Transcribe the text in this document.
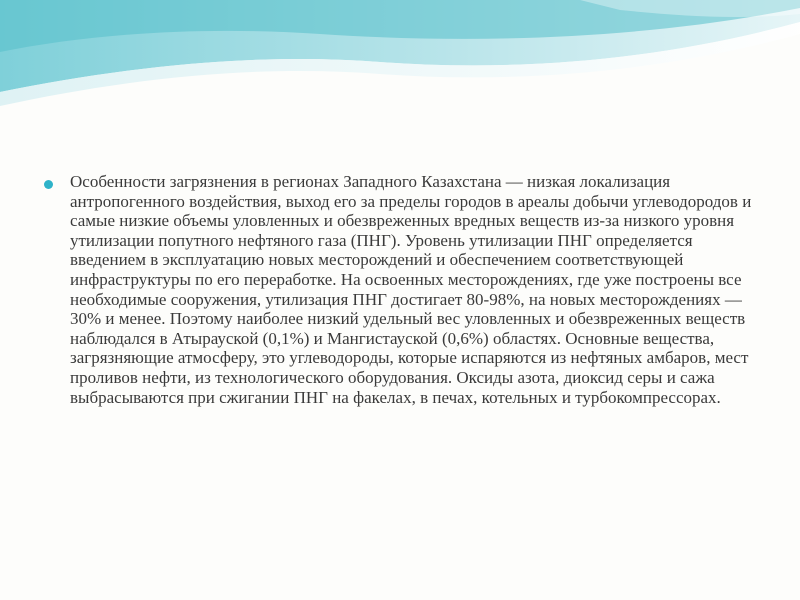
Особенности загрязнения в регионах Западного Казахстана — низкая локализация антропогенного воздействия, выход его за пределы городов в ареалы добычи углеводородов и самые низкие объемы уловленных и обезвреженных вредных веществ из-за низкого уровня утилизации попутного нефтяного газа (ПНГ). Уровень утилизации ПНГ определяется введением в эксплуатацию новых месторождений и обеспечением соответствующей инфраструктуры по его переработке. На освоенных месторождениях, где уже построены все необходимые сооружения, утилизация ПНГ достигает 80-98%, на новых месторождениях — 30% и менее. Поэтому наиболее низкий удельный вес уловленных и обезвреженных веществ наблюдался в Атырауской (0,1%) и Мангистауской (0,6%) областях. Основные вещества, загрязняющие атмосферу, это углеводороды, которые испаряются из нефтяных амбаров, мест проливов нефти, из технологического оборудования. Оксиды азота, диоксид серы и сажа выбрасываются при сжигании ПНГ на факелах, в печах, котельных и турбокомпрессорах.
